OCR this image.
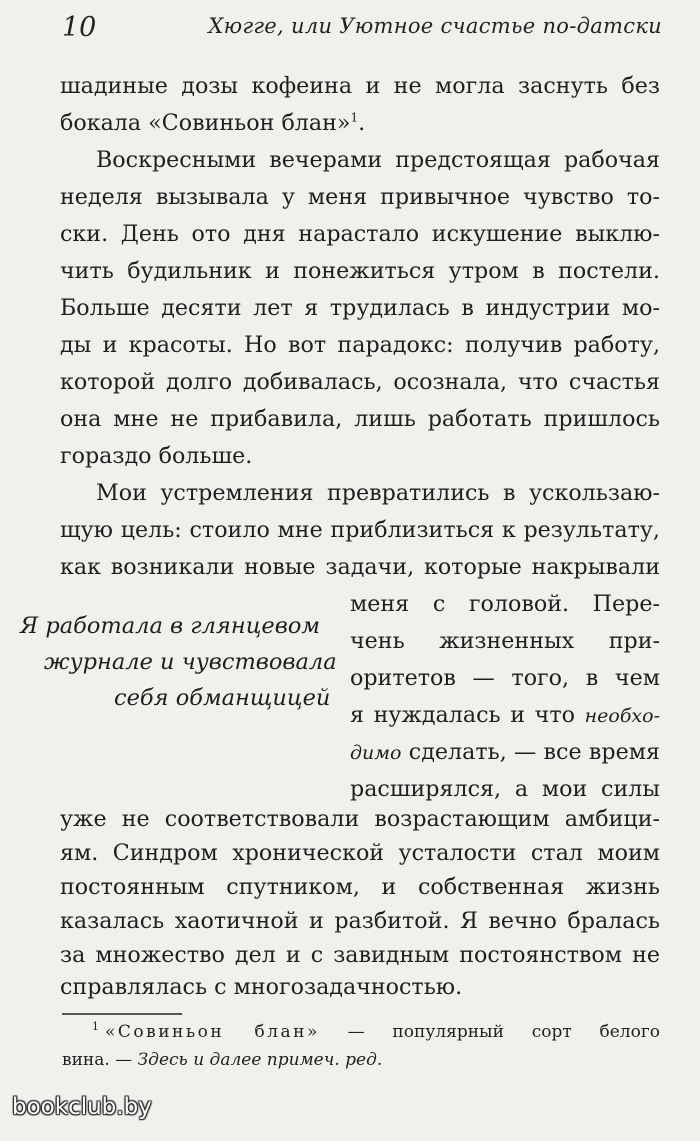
10	Хюгге, или Уютное счастье по-датски
шадиные дозы кофеина и не могла заснуть без
бокала «Совиньон блан»$^1$.
Воскресными вечерами предстоящая рабочая
неделя вызывала у меня привычное чувство то-
ски. День ото дня нарастало искушение выклю-
чить будильник и понежиться утром в постели.
Больше десяти лет я трудилась в индустрии мо-
ды и красоты. Но вот парадокс: получив работу,
которой долго добивалась, осознала, что счастья
она мне не прибавила, лишь работать пришлось
гораздо больше.
Мои устремления превратились в ускользаю-
щую цель: стоило мне приблизиться к результату,
как возникали новые задачи, которые накрывали
меня с головой. Пере-
чень жизненных при-
оритетов — того, в чем
я нуждалась и что необхо-
димо сделать, — все время
расширялся, а мои силы
уже не соответствовали возрастающим амбици-
ям. Синдром хронической усталости стал моим
постоянным спутником, и собственная жизнь
казалась хаотичной и разбитой. Я вечно бралась
за множество дел и с завидным постоянством не
Я работала в глянцевом
журнале и чувствовала
себя обманщицей
$^1$ «Совиньон блан» — популярный сорт белого
вина. — Здесь и далее примеч. ред.
bookclub.by
справлялась с многозадачностью.
